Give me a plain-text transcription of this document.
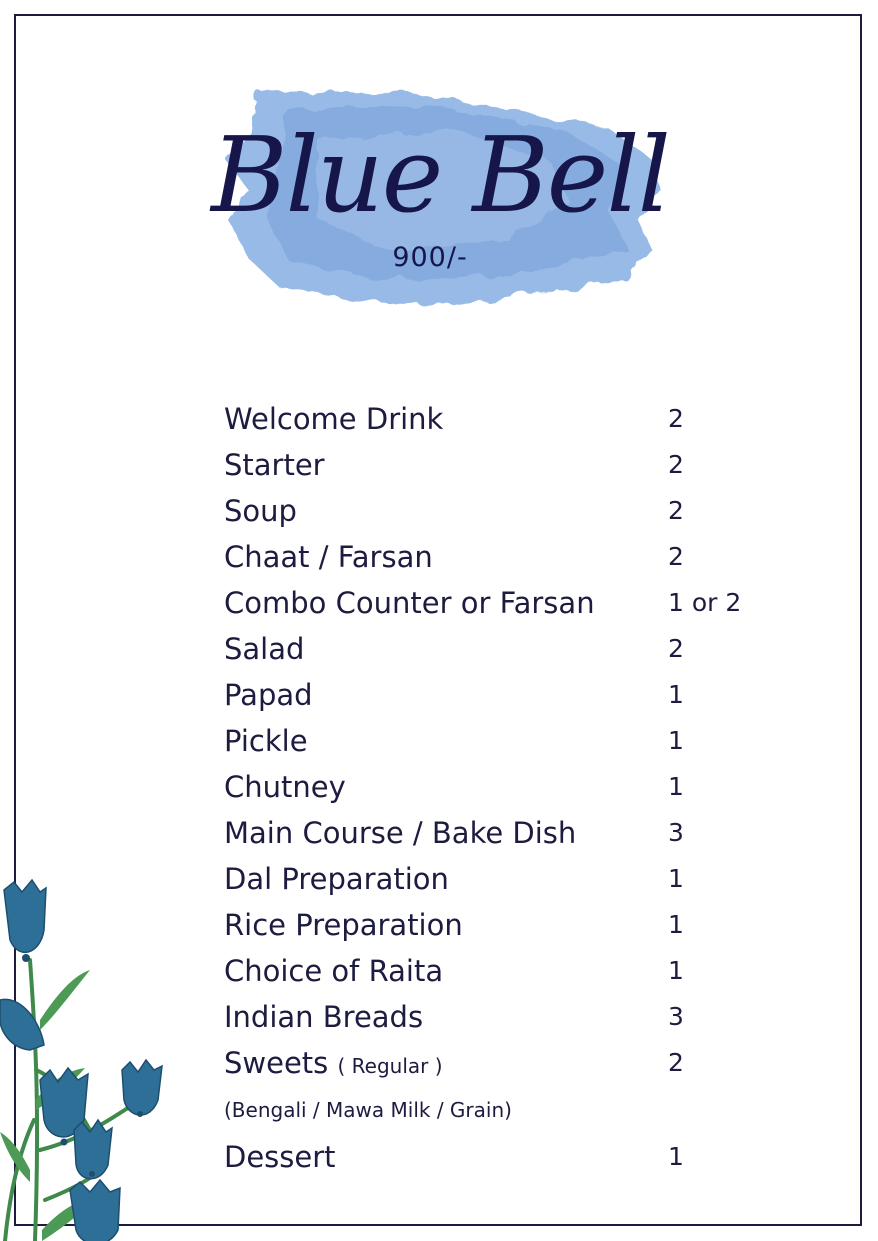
Blue Bell
900/-
Welcome Drink	2
Starter	2
Soup	2
Chaat / Farsan	2
Combo Counter or Farsan	1 or 2
Salad	2
Papad	1
Pickle	1
Chutney	1
Main Course / Bake Dish	3
Dal Preparation	1
Rice Preparation	1
Choice of Raita	1
Indian Breads	3
Sweets ( Regular )	2
(Bengali / Mawa Milk / Grain)
Dessert	1
